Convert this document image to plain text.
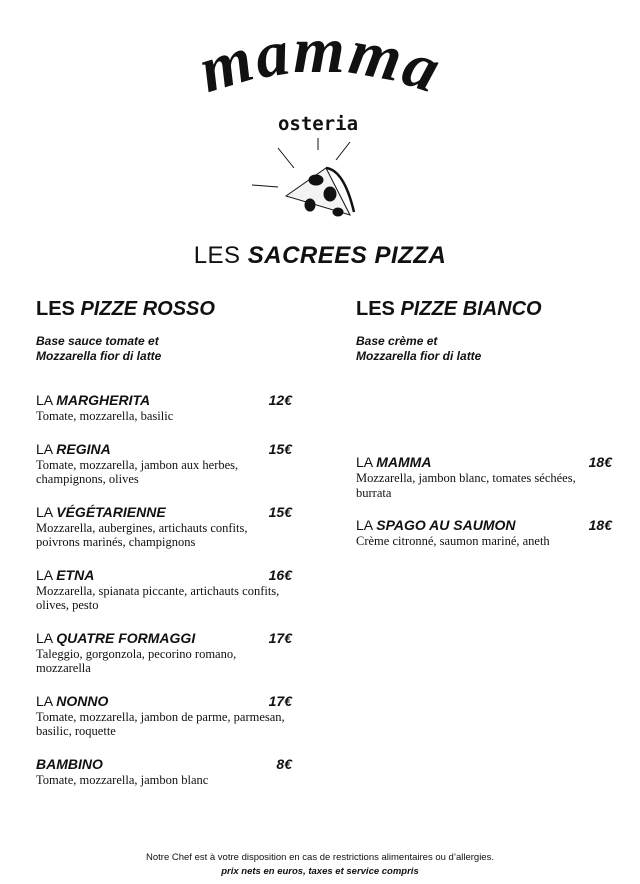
mamma
osteria
LES SACREES PIZZA
LES PIZZE ROSSO
Base sauce tomate et
Mozzarella fior di latte
LA MARGHERITA	12€
Tomate, mozzarella, basilic
LA REGINA	15€
Tomate, mozzarella, jambon aux herbes, champignons, olives
LA VÉGÉTARIENNE	15€
Mozzarella, aubergines, artichauts confits, poivrons marinés, champignons
LA ETNA	16€
Mozzarella, spianata piccante, artichauts confits, olives, pesto
LA QUATRE FORMAGGI	17€
Taleggio, gorgonzola, pecorino romano, mozzarella
LA NONNO	17€
Tomate, mozzarella, jambon de parme, parmesan, basilic, roquette
BAMBINO	8€
Tomate, mozzarella, jambon blanc
LES PIZZE BIANCO
Base crème et
Mozzarella fior di latte
LA MAMMA	18€
Mozzarella, jambon blanc, tomates séchées, burrata
LA SPAGO AU SAUMON	18€
Crème citronné, saumon mariné, aneth
Notre Chef est à votre disposition en cas de restrictions alimentaires ou d’allergies.
prix nets en euros, taxes et service compris
